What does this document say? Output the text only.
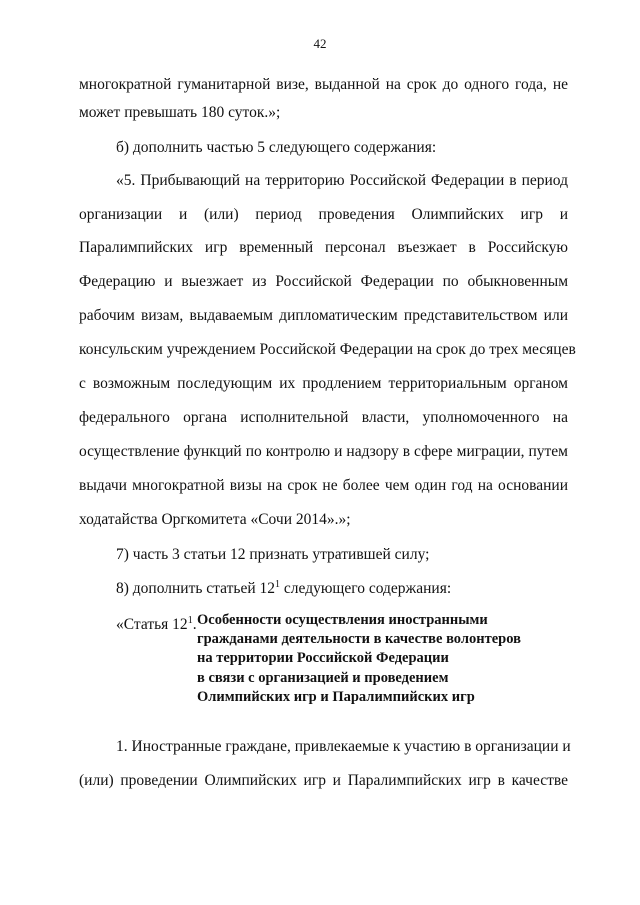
42
многократной гуманитарной визе, выданной на срок до одного года, не
может превышать 180 суток.»;
б) дополнить частью 5 следующего содержания:
«5. Прибывающий на территорию Российской Федерации в период
организации и (или) период проведения Олимпийских игр и
Паралимпийских игр временный персонал въезжает в Российскую
Федерацию и выезжает из Российской Федерации по обыкновенным
рабочим визам, выдаваемым дипломатическим представительством или
консульским учреждением Российской Федерации на срок до трех месяцев
с возможным последующим их продлением территориальным органом
федерального органа исполнительной власти, уполномоченного на
осуществление функций по контролю и надзору в сфере миграции, путем
выдачи многократной визы на срок не более чем один год на основании
ходатайства Оргкомитета «Сочи 2014».»;
7) часть 3 статьи 12 признать утратившей силу;
8) дополнить статьей $12^1$ следующего содержания:
«Статья $12^1$. Особенности осуществления иностранными
гражданами деятельности в качестве волонтеров
на территории Российской Федерации
в связи с организацией и проведением
Олимпийских игр и Паралимпийских игр
1. Иностранные граждане, привлекаемые к участию в организации и
(или) проведении Олимпийских игр и Паралимпийских игр в качестве
